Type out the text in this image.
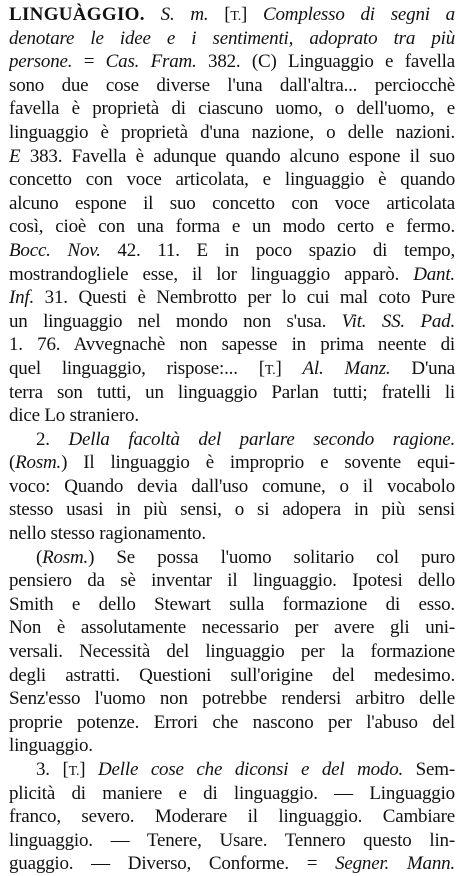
LINGUÀGGIO. S. m. [T.] Complesso di segni a
denotare le idee e i sentimenti, adoprato tra più
persone. = Cas. Fram. 382. (C) Linguaggio e favella
sono due cose diverse l'una dall'altra... perciocchè
favella è proprietà di ciascuno uomo, o dell'uomo, e
linguaggio è proprietà d'una nazione, o delle nazioni.
E 383. Favella è adunque quando alcuno espone il suo
concetto con voce articolata, e linguaggio è quando
alcuno espone il suo concetto con voce articolata
così, cioè con una forma e un modo certo e fermo.
Bocc. Nov. 42. 11. E in poco spazio di tempo,
mostrandogliele esse, il lor linguaggio apparò. Dant.
Inf. 31. Questi è Nembrotto per lo cui mal coto Pure
un linguaggio nel mondo non s'usa. Vit. SS. Pad.
1. 76. Avvegnachè non sapesse in prima neente di
quel linguaggio, rispose:... [T.] Al. Manz. D'una
terra son tutti, un linguaggio Parlan tutti; fratelli li
dice Lo straniero.
2. Della facoltà del parlare secondo ragione.
(Rosm.) Il linguaggio è improprio e sovente equi-
voco: Quando devia dall'uso comune, o il vocabolo
stesso usasi in più sensi, o si adopera in più sensi
nello stesso ragionamento.
(Rosm.) Se possa l'uomo solitario col puro
pensiero da sè inventar il linguaggio. Ipotesi dello
Smith e dello Stewart sulla formazione di esso.
Non è assolutamente necessario per avere gli uni-
versali. Necessità del linguaggio per la formazione
degli astratti. Questioni sull'origine del medesimo.
Senz'esso l'uomo non potrebbe rendersi arbitro delle
proprie potenze. Errori che nascono per l'abuso del
linguaggio.
3. [T.] Delle cose che diconsi e del modo. Sem-
plicità di maniere e di linguaggio. — Linguaggio
franco, severo. Moderare il linguaggio. Cambiare
linguaggio. — Tenere, Usare. Tennero questo lin-
guaggio. — Diverso, Conforme. = Segner. Mann.
